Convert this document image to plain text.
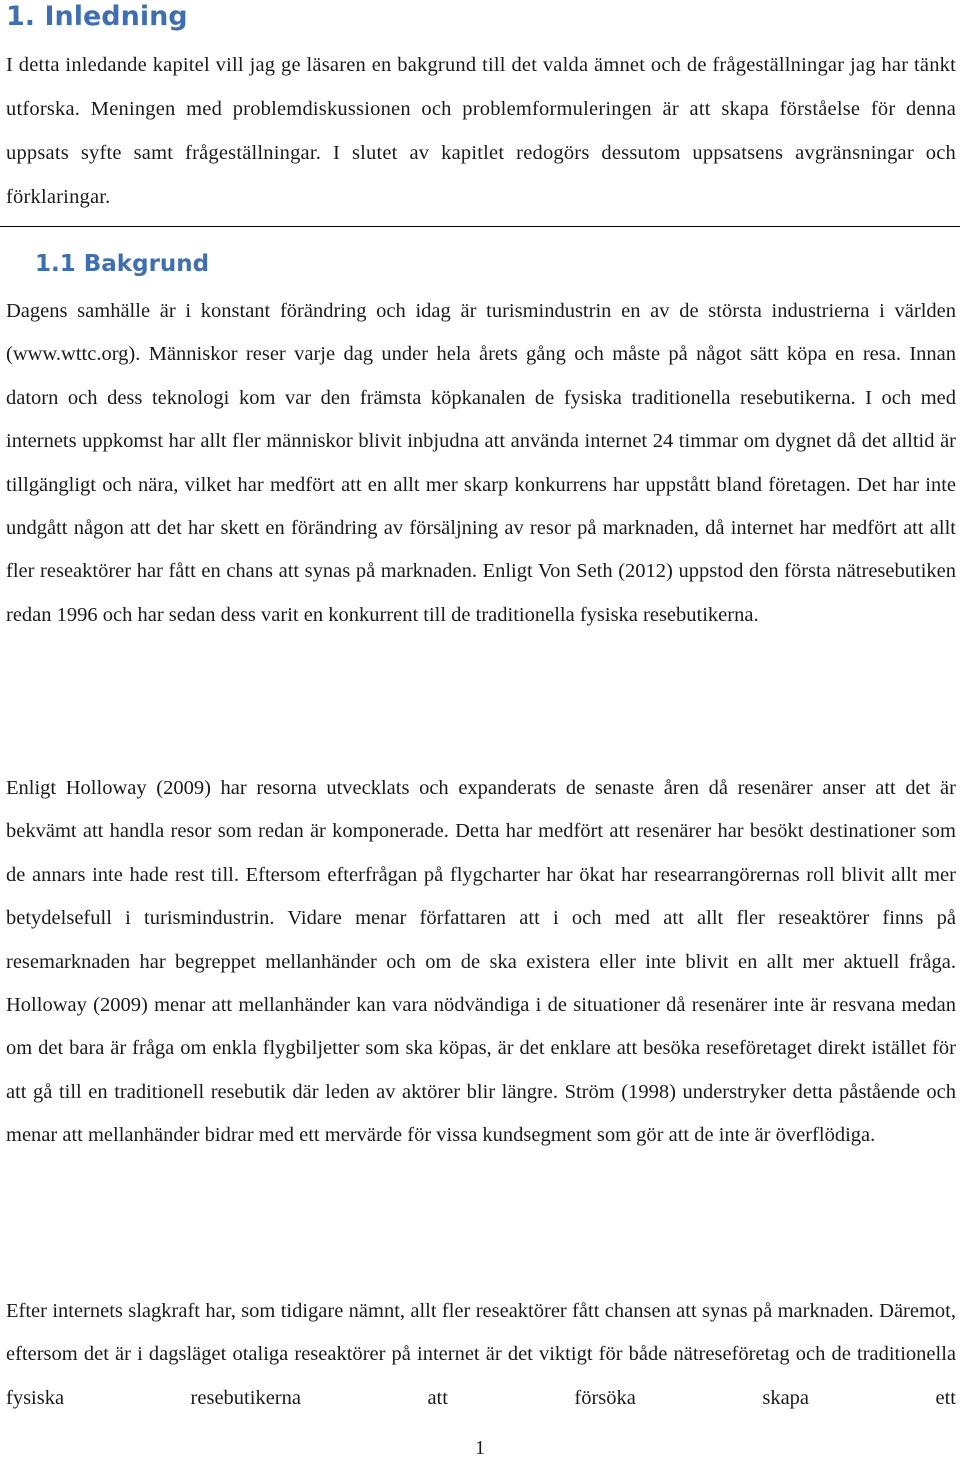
1. Inledning

I detta inledande kapitel vill jag ge läsaren en bakgrund till det valda ämnet och de frågeställningar jag har tänkt utforska. Meningen med problemdiskussionen och problemformuleringen är att skapa förståelse för denna uppsats syfte samt frågeställningar. I slutet av kapitlet redogörs dessutom uppsatsens avgränsningar och förklaringar.

1.1 Bakgrund

Dagens samhälle är i konstant förändring och idag är turismindustrin en av de största industrierna i världen (www.wttc.org). Människor reser varje dag under hela årets gång och måste på något sätt köpa en resa. Innan datorn och dess teknologi kom var den främsta köpkanalen de fysiska traditionella resebutikerna. I och med internets uppkomst har allt fler människor blivit inbjudna att använda internet 24 timmar om dygnet då det alltid är tillgängligt och nära, vilket har medfört att en allt mer skarp konkurrens har uppstått bland företagen. Det har inte undgått någon att det har skett en förändring av försäljning av resor på marknaden, då internet har medfört att allt fler reseaktörer har fått en chans att synas på marknaden. Enligt Von Seth (2012) uppstod den första nätresebutiken redan 1996 och har sedan dess varit en konkurrent till de traditionella fysiska resebutikerna.

Enligt Holloway (2009) har resorna utvecklats och expanderats de senaste åren då resenärer anser att det är bekvämt att handla resor som redan är komponerade. Detta har medfört att resenärer har besökt destinationer som de annars inte hade rest till. Eftersom efterfrågan på flygcharter har ökat har researrangörernas roll blivit allt mer betydelsefull i turismindustrin. Vidare menar författaren att i och med att allt fler reseaktörer finns på resemarknaden har begreppet mellanhänder och om de ska existera eller inte blivit en allt mer aktuell fråga. Holloway (2009) menar att mellanhänder kan vara nödvändiga i de situationer då resenärer inte är resvana medan om det bara är fråga om enkla flygbiljetter som ska köpas, är det enklare att besöka reseföretaget direkt istället för att gå till en traditionell resebutik där leden av aktörer blir längre. Ström (1998) understryker detta påstående och menar att mellanhänder bidrar med ett mervärde för vissa kundsegment som gör att de inte är överflödiga.

Efter internets slagkraft har, som tidigare nämnt, allt fler reseaktörer fått chansen att synas på marknaden. Däremot, eftersom det är i dagsläget otaliga reseaktörer på internet är det viktigt för både nätreseföretag och de traditionella fysiska resebutikerna att försöka skapa ett

1
